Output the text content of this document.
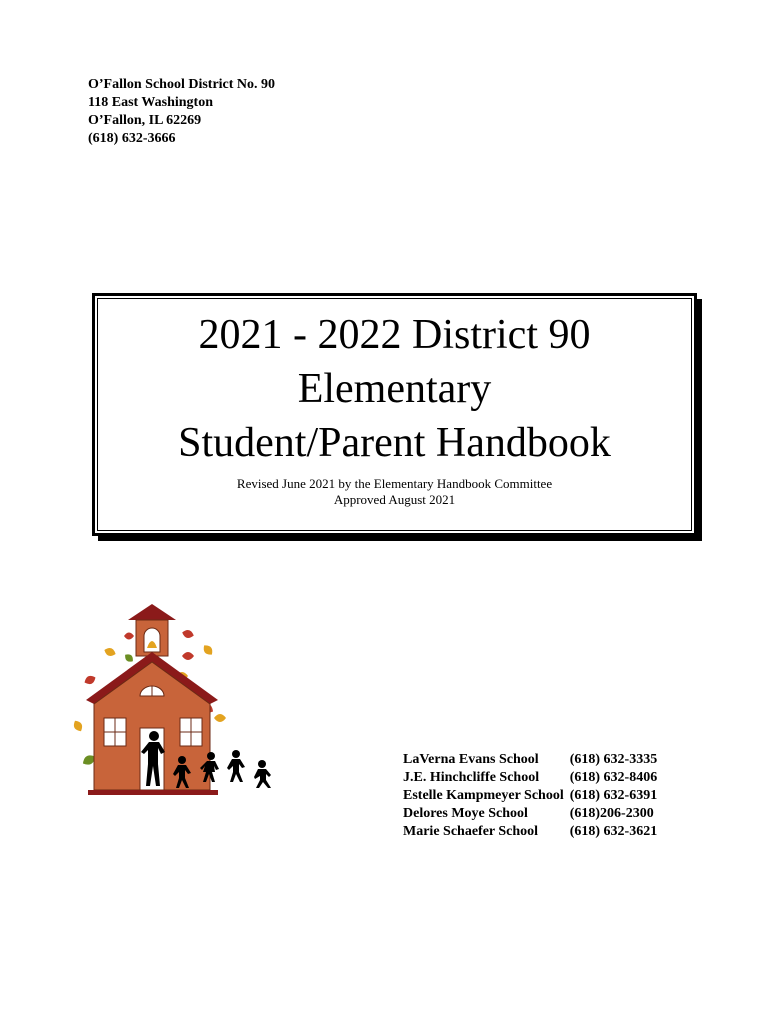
O’Fallon School District No. 90
118 East Washington
O’Fallon, IL 62269
(618) 632-3666
2021 - 2022 District 90
Elementary
Student/Parent Handbook
Revised June 2021 by the Elementary Handbook Committee
Approved August 2021
LaVerna Evans School	(618) 632-3335
J.E. Hinchcliffe School	(618) 632-8406
Estelle Kampmeyer School	(618) 632-6391
Delores Moye School	(618)206-2300
Marie Schaefer School	(618) 632-3621
